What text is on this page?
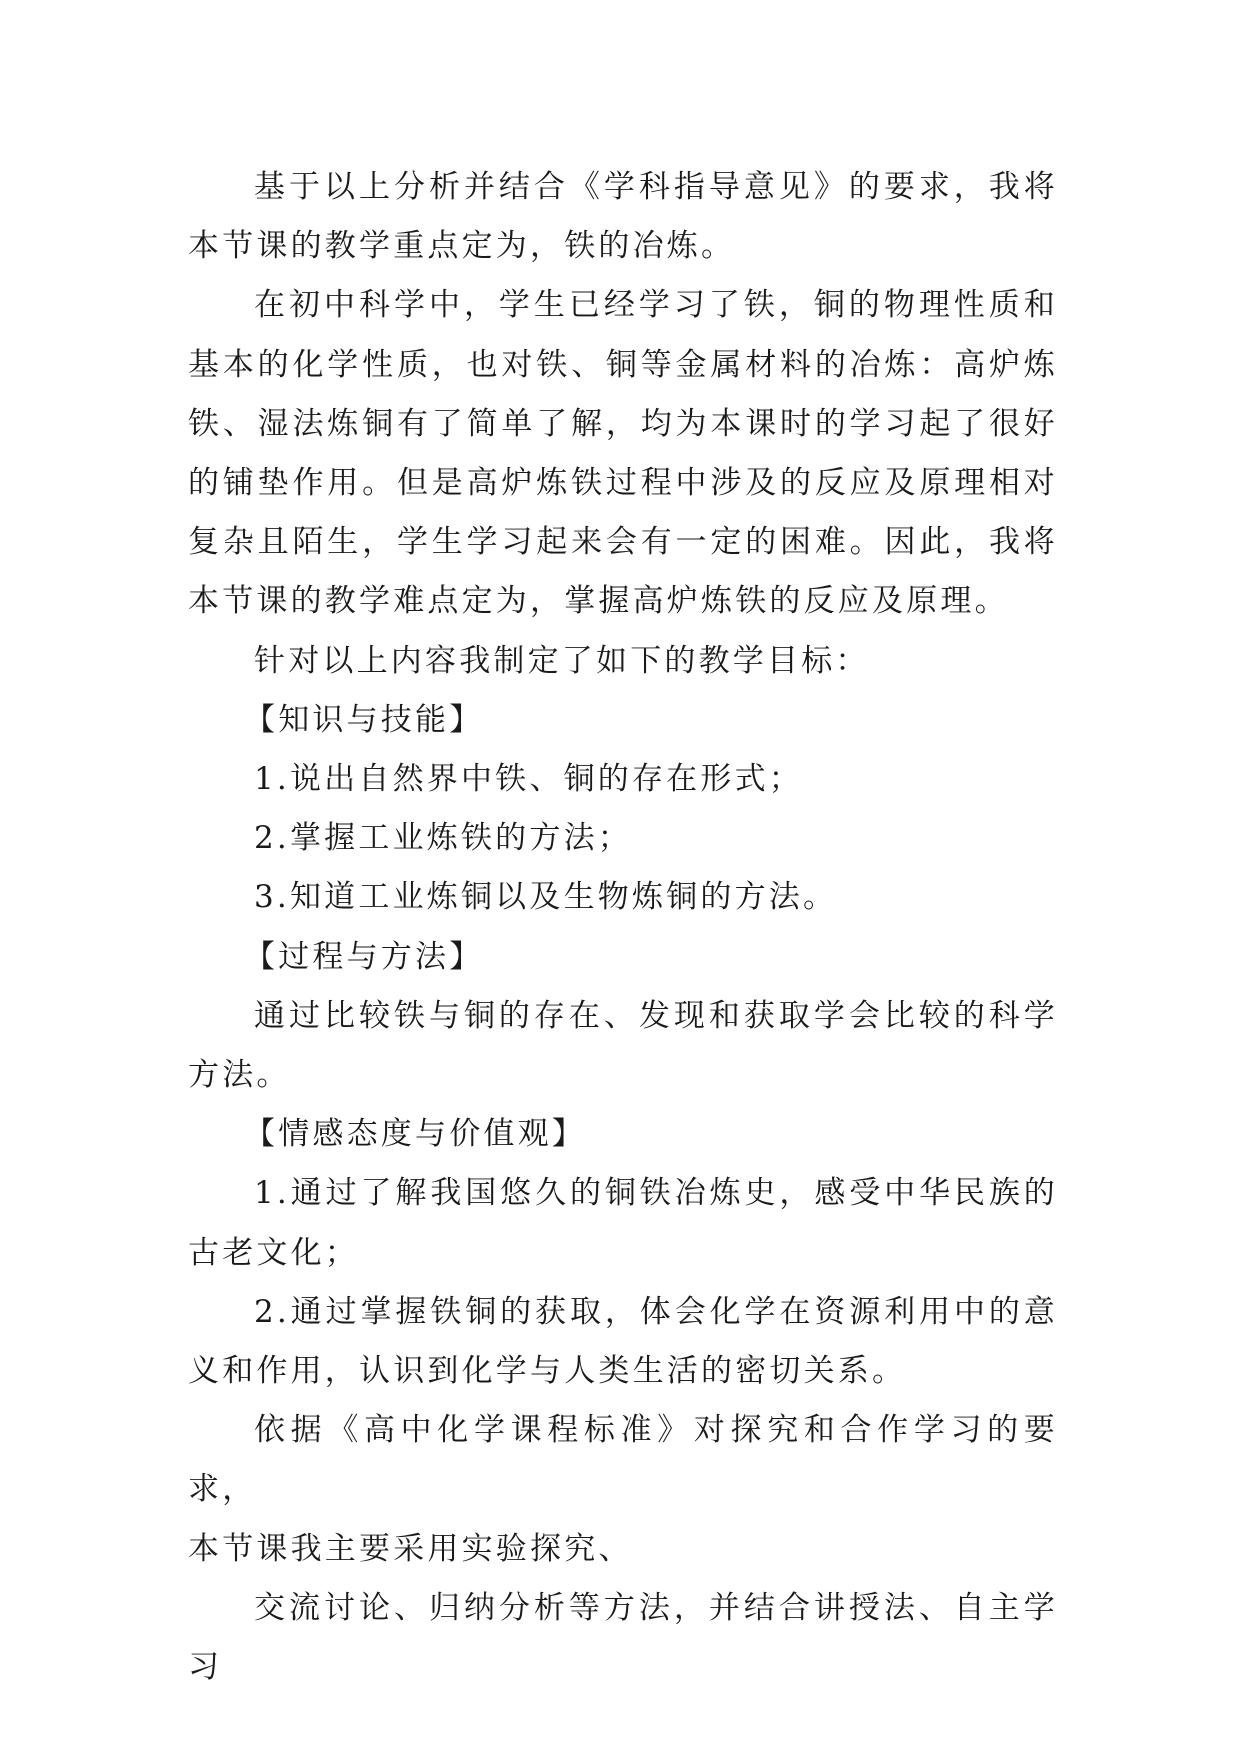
基于以上分析并结合《学科指导意见》的要求，我将本节课的教学重点定为，铁的冶炼。

在初中科学中，学生已经学习了铁，铜的物理性质和基本的化学性质，也对铁、铜等金属材料的冶炼：高炉炼铁、湿法炼铜有了简单了解，均为本课时的学习起了很好的铺垫作用。但是高炉炼铁过程中涉及的反应及原理相对复杂且陌生，学生学习起来会有一定的困难。因此，我将本节课的教学难点定为，掌握高炉炼铁的反应及原理。

针对以上内容我制定了如下的教学目标：

【知识与技能】

1.说出自然界中铁、铜的存在形式；

2.掌握工业炼铁的方法；

3.知道工业炼铜以及生物炼铜的方法。

【过程与方法】

通过比较铁与铜的存在、发现和获取学会比较的科学方法。

【情感态度与价值观】

1.通过了解我国悠久的铜铁冶炼史，感受中华民族的古老文化；

2.通过掌握铁铜的获取，体会化学在资源利用中的意义和作用，认识到化学与人类生活的密切关系。

依据《高中化学课程标准》对探究和合作学习的要求，

本节课我主要采用实验探究、

交流讨论、归纳分析等方法，并结合讲授法、自主学习
